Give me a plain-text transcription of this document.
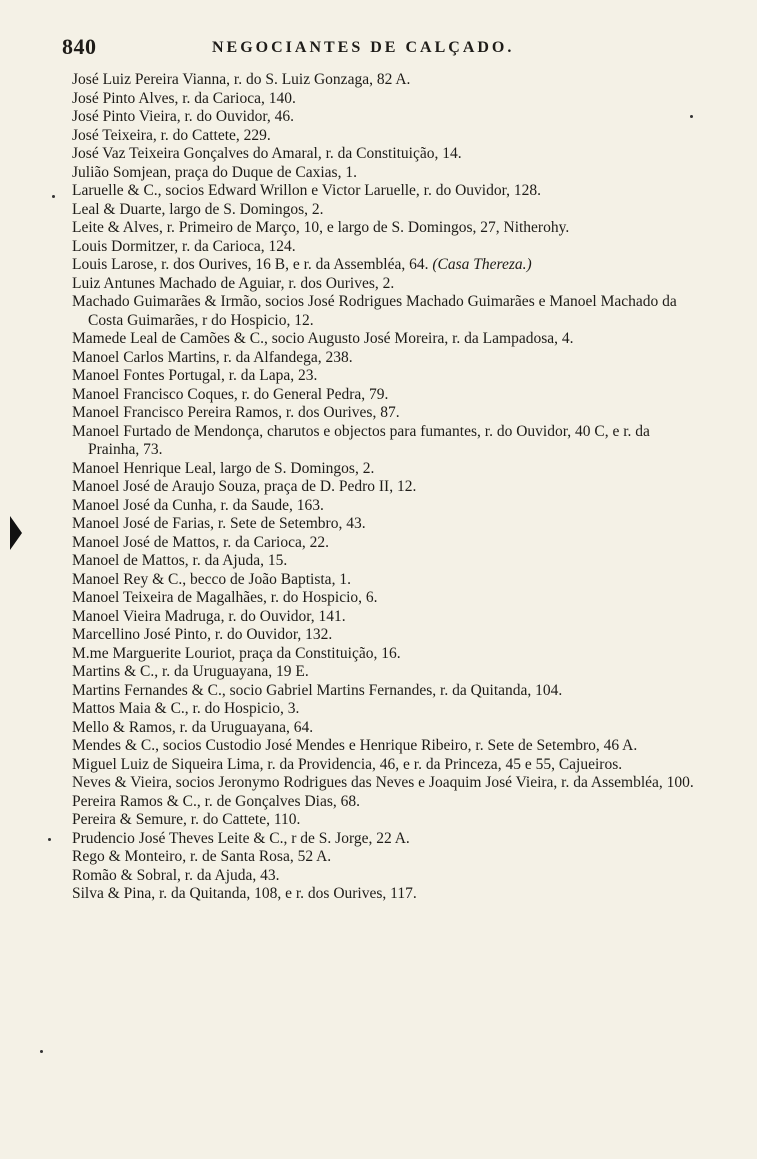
840	NEGOCIANTES DE CALÇADO.
José Luiz Pereira Vianna, r. do S. Luiz Gonzaga, 82 A.
José Pinto Alves, r. da Carioca, 140.
José Pinto Vieira, r. do Ouvidor, 46.
José Teixeira, r. do Cattete, 229.
José Vaz Teixeira Gonçalves do Amaral, r. da Constituição, 14.
Julião Somjean, praça do Duque de Caxias, 1.
Laruelle & C., socios Edward Wrillon e Victor Laruelle, r. do Ouvidor, 128.
Leal & Duarte, largo de S. Domingos, 2.
Leite & Alves, r. Primeiro de Março, 10, e largo de S. Domingos, 27, Nitherohy.
Louis Dormitzer, r. da Carioca, 124.
Louis Larose, r. dos Ourives, 16 B, e r. da Assembléa, 64. (Casa Thereza.)
Luiz Antunes Machado de Aguiar, r. dos Ourives, 2.
Machado Guimarães & Irmão, socios José Rodrigues Machado Guimarães e Manoel Machado da Costa Guimarães, r do Hospicio, 12.
Mamede Leal de Camões & C., socio Augusto José Moreira, r. da Lampadosa, 4.
Manoel Carlos Martins, r. da Alfandega, 238.
Manoel Fontes Portugal, r. da Lapa, 23.
Manoel Francisco Coques, r. do General Pedra, 79.
Manoel Francisco Pereira Ramos, r. dos Ourives, 87.
Manoel Furtado de Mendonça, charutos e objectos para fumantes, r. do Ouvidor, 40 C, e r. da Prainha, 73.
Manoel Henrique Leal, largo de S. Domingos, 2.
Manoel José de Araujo Souza, praça de D. Pedro II, 12.
Manoel José da Cunha, r. da Saude, 163.
Manoel José de Farias, r. Sete de Setembro, 43.
Manoel José de Mattos, r. da Carioca, 22.
Manoel de Mattos, r. da Ajuda, 15.
Manoel Rey & C., becco de João Baptista, 1.
Manoel Teixeira de Magalhães, r. do Hospicio, 6.
Manoel Vieira Madruga, r. do Ouvidor, 141.
Marcellino José Pinto, r. do Ouvidor, 132.
M.me Marguerite Louriot, praça da Constituição, 16.
Martins & C., r. da Uruguayana, 19 E.
Martins Fernandes & C., socio Gabriel Martins Fernandes, r. da Quitanda, 104.
Mattos Maia & C., r. do Hospicio, 3.
Mello & Ramos, r. da Uruguayana, 64.
Mendes & C., socios Custodio José Mendes e Henrique Ribeiro, r. Sete de Setembro, 46 A.
Miguel Luiz de Siqueira Lima, r. da Providencia, 46, e r. da Princeza, 45 e 55, Cajueiros.
Neves & Vieira, socios Jeronymo Rodrigues das Neves e Joaquim José Vieira, r. da Assembléa, 100.
Pereira Ramos & C., r. de Gonçalves Dias, 68.
Pereira & Semure, r. do Cattete, 110.
Prudencio José Theves Leite & C., r de S. Jorge, 22 A.
Rego & Monteiro, r. de Santa Rosa, 52 A.
Romão & Sobral, r. da Ajuda, 43.
Silva & Pina, r. da Quitanda, 108, e r. dos Ourives, 117.
